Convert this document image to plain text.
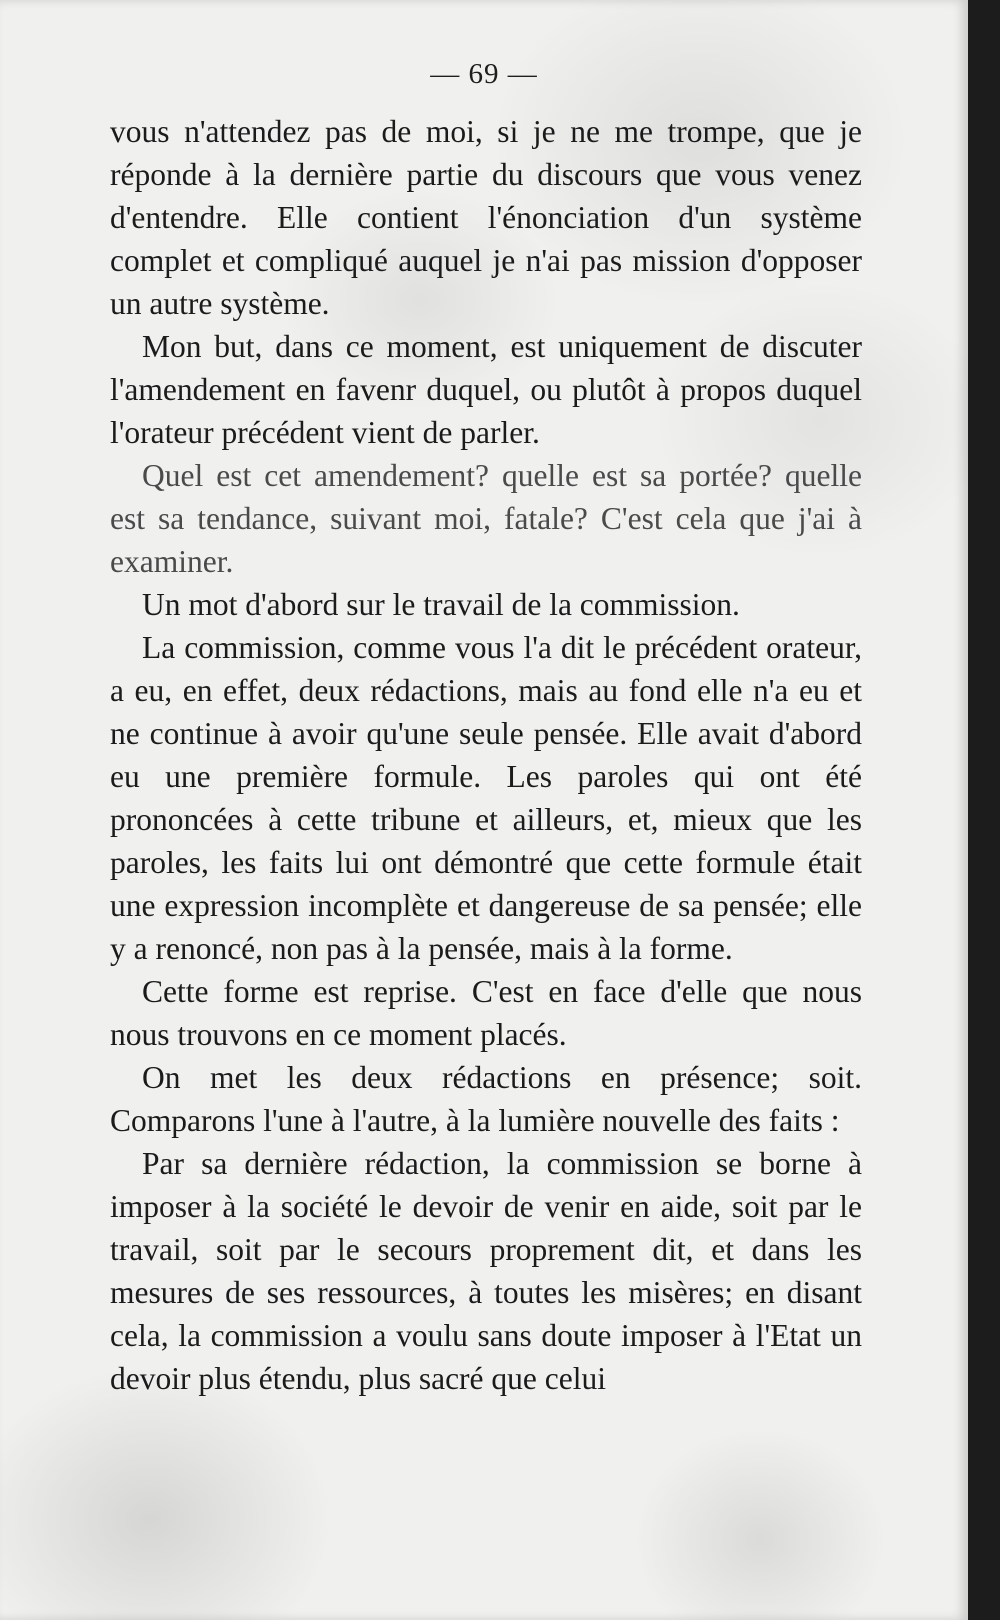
— 69 —

vous n'attendez pas de moi, si je ne me trompe, que je réponde à la dernière partie du discours que vous venez d'entendre. Elle contient l'énonciation d'un système complet et compliqué auquel je n'ai pas mission d'opposer un autre système.

Mon but, dans ce moment, est uniquement de discuter l'amendement en favenr duquel, ou plutôt à propos duquel l'orateur précédent vient de parler.

Quel est cet amendement? quelle est sa portée? quelle est sa tendance, suivant moi, fatale? C'est cela que j'ai à examiner.

Un mot d'abord sur le travail de la commission.

La commission, comme vous l'a dit le précédent orateur, a eu, en effet, deux rédactions, mais au fond elle n'a eu et ne continue à avoir qu'une seule pensée. Elle avait d'abord eu une première formule. Les paroles qui ont été prononcées à cette tribune et ailleurs, et, mieux que les paroles, les faits lui ont démontré que cette formule était une expression incomplète et dangereuse de sa pensée; elle y a renoncé, non pas à la pensée, mais à la forme.

Cette forme est reprise. C'est en face d'elle que nous nous trouvons en ce moment placés.

On met les deux rédactions en présence; soit. Comparons l'une à l'autre, à la lumière nouvelle des faits :

Par sa dernière rédaction, la commission se borne à imposer à la société le devoir de venir en aide, soit par le travail, soit par le secours proprement dit, et dans les mesures de ses ressources, à toutes les misères; en disant cela, la commission a voulu sans doute imposer à l'Etat un devoir plus étendu, plus sacré que celui
